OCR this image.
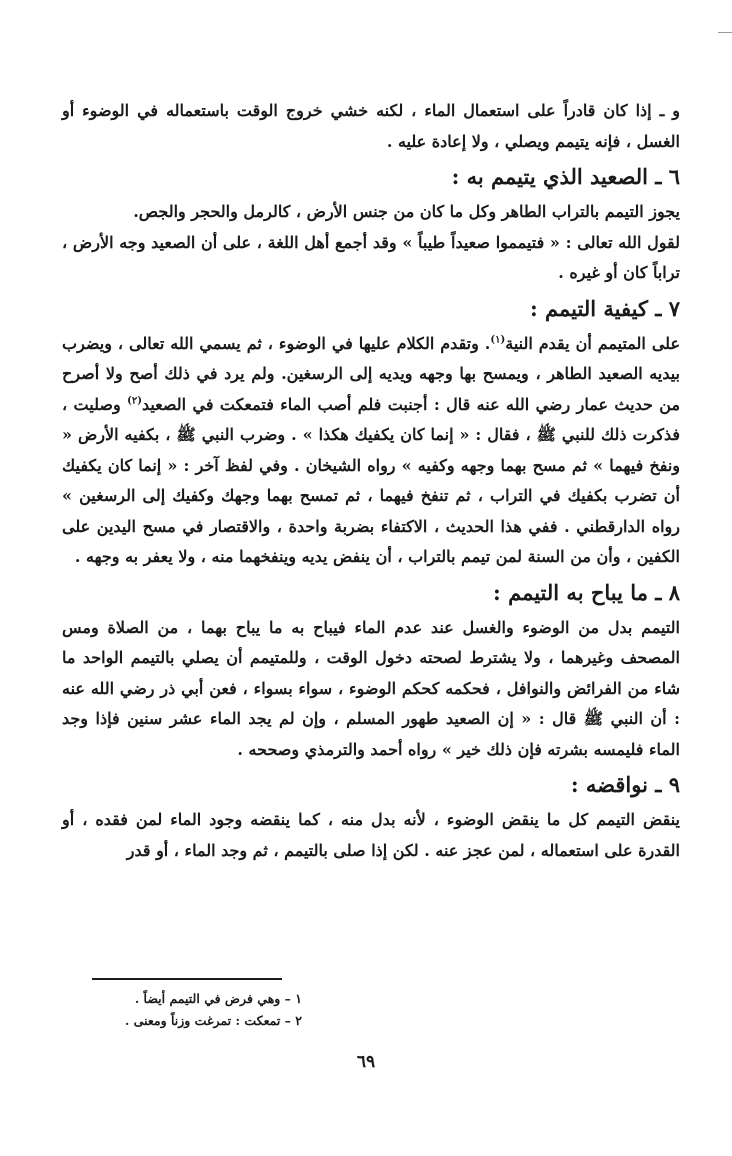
و ـ إذا كان قادراً على استعمال الماء ، لكنه خشي خروج الوقت باستعماله في الوضوء أو الغسل ، فإنه يتيمم ويصلي ، ولا إعادة عليه .

٦ ـ الصعيد الذي يتيمم به :

يجوز التيمم بالتراب الطاهر وكل ما كان من جنس الأرض ، كالرمل والحجر والجص.

لقول الله تعالى : « فتيمموا صعيداً طيباً » وقد أجمع أهل اللغة ، على أن الصعيد وجه الأرض ، تراباً كان أو غيره .

٧ ـ كيفية التيمم :

على المتيمم أن يقدم النية$^{(١)}$. وتقدم الكلام عليها في الوضوء ، ثم يسمي الله تعالى ، ويضرب بيديه الصعيد الطاهر ، ويمسح بها وجهه ويديه إلى الرسغين. ولم يرد في ذلك أصح ولا أصرح من حديث عمار رضي الله عنه قال : أجنبت فلم أصب الماء فتمعكت في الصعيد$^{(٢)}$ وصليت ، فذكرت ذلك للنبي ﷺ ، فقال : « إنما كان يكفيك هكذا » . وضرب النبي ﷺ ، بكفيه الأرض « ونفخ فيهما » ثم مسح بهما وجهه وكفيه » رواه الشيخان . وفي لفظ آخر : « إنما كان يكفيك أن تضرب بكفيك في التراب ، ثم تنفخ فيهما ، ثم تمسح بهما وجهك وكفيك إلى الرسغين » رواه الدارقطني . ففي هذا الحديث ، الاكتفاء بضربة واحدة ، والاقتصار في مسح اليدين على الكفين ، وأن من السنة لمن تيمم بالتراب ، أن ينفض يديه وينفخهما منه ، ولا يعفر به وجهه .

٨ ـ ما يباح به التيمم :

التيمم بدل من الوضوء والغسل عند عدم الماء فيباح به ما يباح بهما ، من الصلاة ومس المصحف وغيرهما ، ولا يشترط لصحته دخول الوقت ، وللمتيمم أن يصلي بالتيمم الواحد ما شاء من الفرائض والنوافل ، فحكمه كحكم الوضوء ، سواء بسواء ، فعن أبي ذر رضي الله عنه : أن النبي ﷺ قال : « إن الصعيد طهور المسلم ، وإن لم يجد الماء عشر سنين فإذا وجد الماء فليمسه بشرته فإن ذلك خير » رواه أحمد والترمذي وصححه .

٩ ـ نواقضه :

ينقض التيمم كل ما ينقض الوضوء ، لأنه بدل منه ، كما ينقضه وجود الماء لمن فقده ، أو القدرة على استعماله ، لمن عجز عنه . لكن إذا صلى بالتيمم ، ثم وجد الماء ، أو قدر

١ – وهي فرض في التيمم أيضاً .

٢ – تمعكت : تمرغت وزناً ومعنى .

٦٩
